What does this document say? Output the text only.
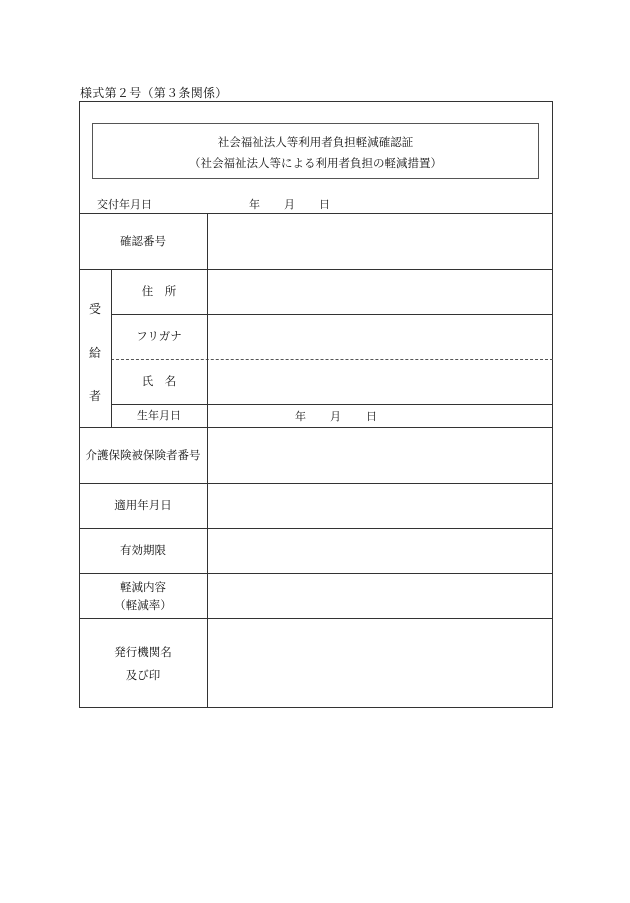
様式第２号（第３条関係）
社会福祉法人等利用者負担軽減確認証
（社会福祉法人等による利用者負担の軽減措置）
交付年月日	年 月 日
確認番号
受
給
者
住　所
フリガナ
氏　名
生年月日	年 月 日
介護保険被保険者番号
適用年月日
有効期限
軽減内容
（軽減率）
発行機関名
及び印
